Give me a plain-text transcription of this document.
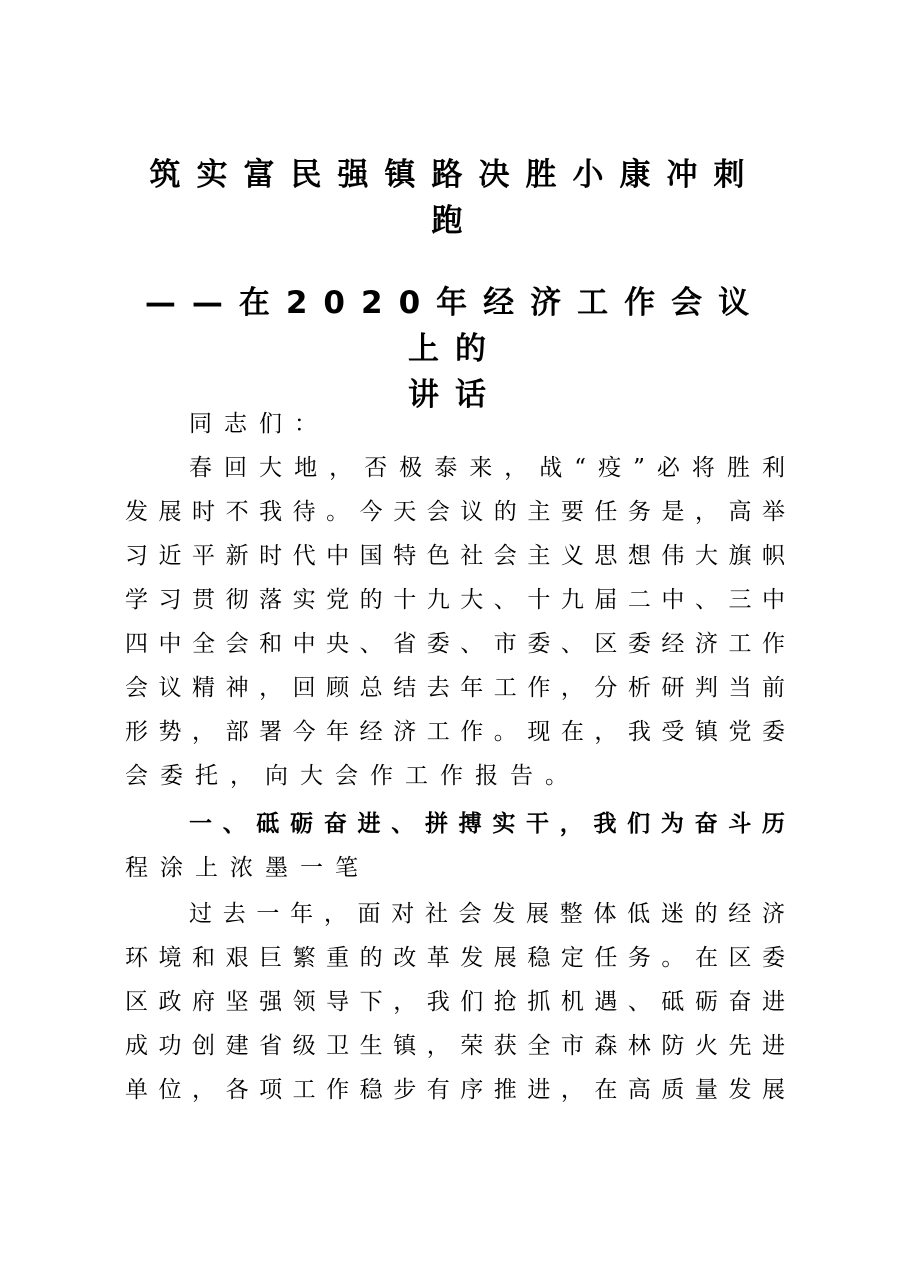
筑实富民强镇路决胜小康冲刺
跑
——在2020年经济工作会议上的
讲话
同志们：
春回大地，否极泰来，战“疫”必将胜利
发展时不我待。今天会议的主要任务是，高举
习近平新时代中国特色社会主义思想伟大旗帜
学习贯彻落实党的十九大、十九届二中、三中
四中全会和中央、省委、市委、区委经济工作
会议精神，回顾总结去年工作，分析研判当前
形势，部署今年经济工作。现在，我受镇党委
会委托，向大会作工作报告。
一、砥砺奋进、拼搏实干，我们为奋斗历
程涂上浓墨一笔
过去一年，面对社会发展整体低迷的经济
环境和艰巨繁重的改革发展稳定任务。在区委
区政府坚强领导下，我们抢抓机遇、砥砺奋进
成功创建省级卫生镇，荣获全市森林防火先进
单位，各项工作稳步有序推进，在高质量发展
